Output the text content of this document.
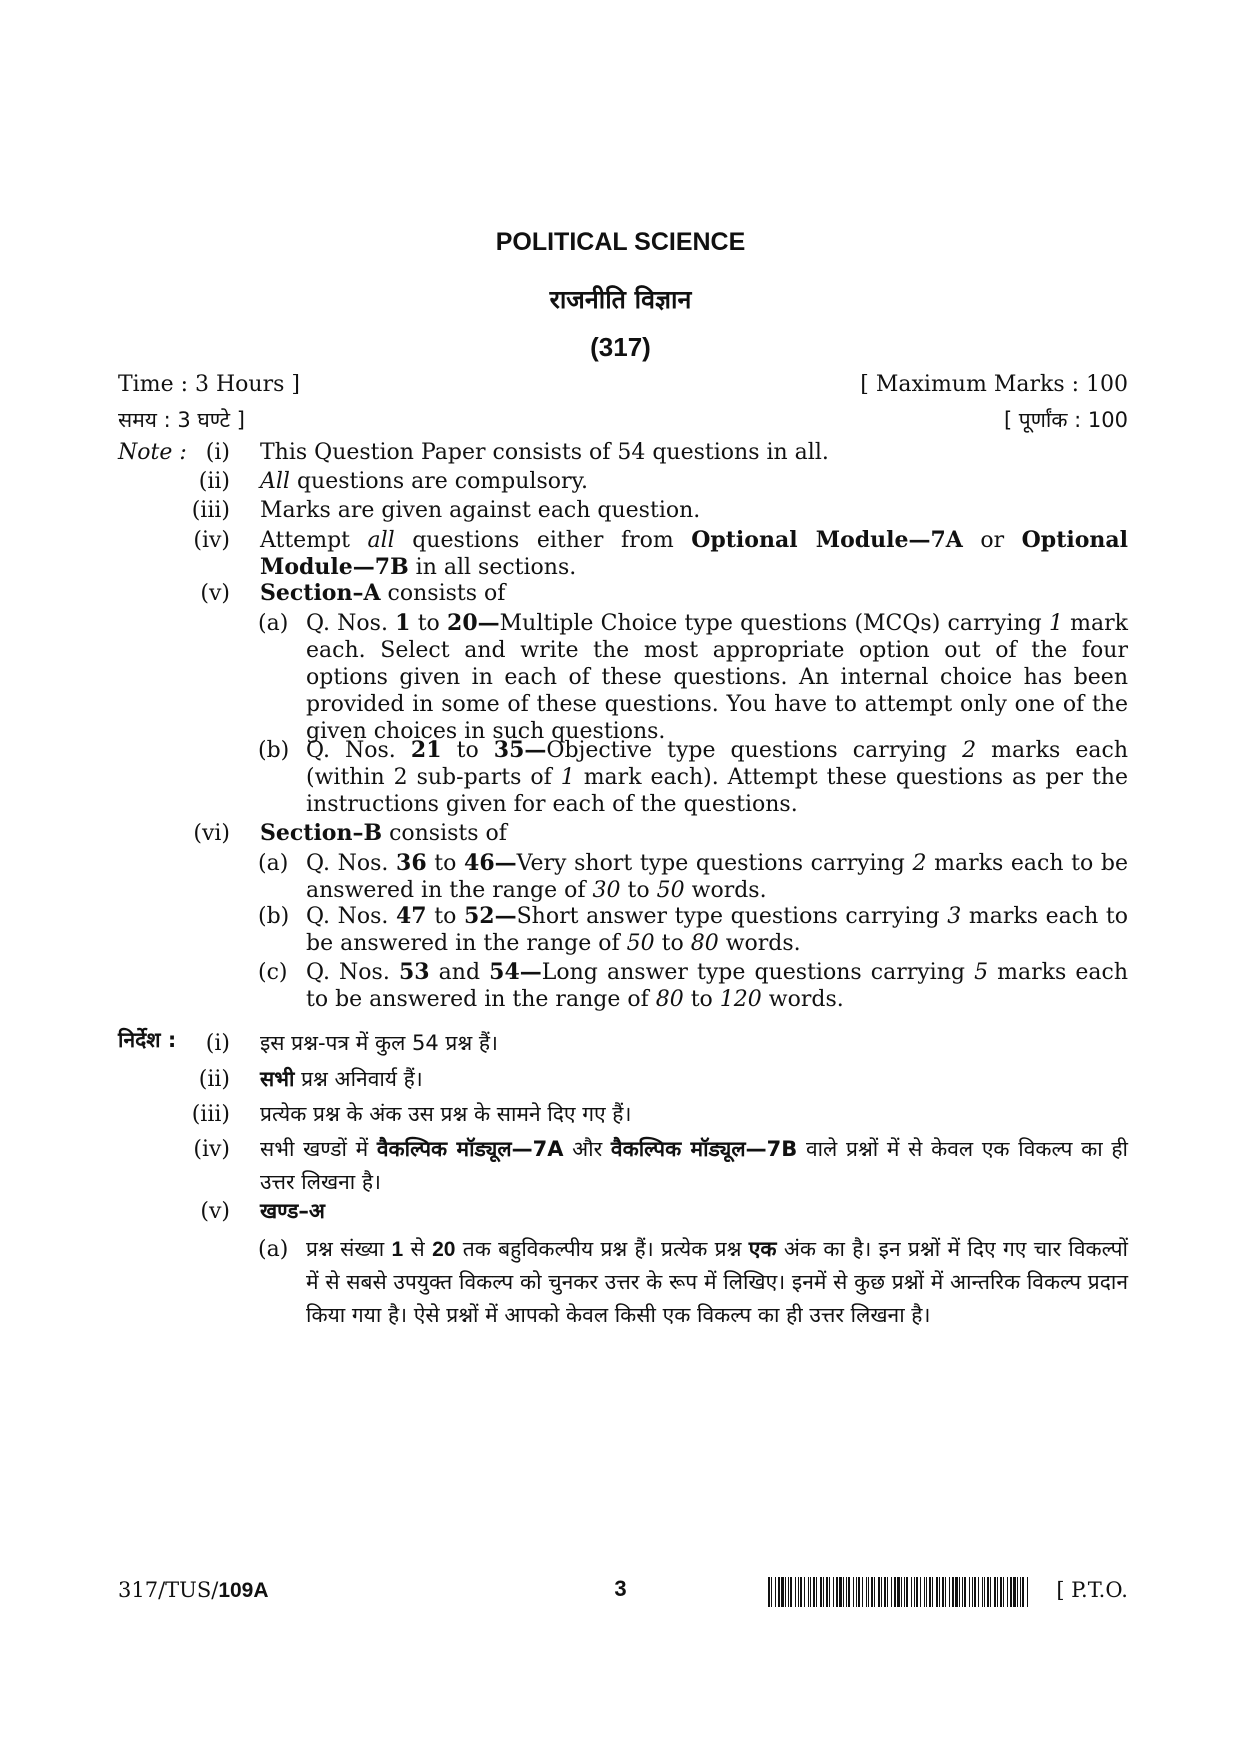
POLITICAL SCIENCE
राजनीति विज्ञान
(317)
Time : 3 Hours ]	[ Maximum Marks : 100
समय : 3 घण्टे ]	[ पूर्णांक : 100
Note : (i) This Question Paper consists of 54 questions in all.
(ii) All questions are compulsory.
(iii) Marks are given against each question.
(iv) Attempt all questions either from Optional Module—7A or Optional Module—7B in all sections.
(v) Section–A consists of
(a) Q. Nos. 1 to 20—Multiple Choice type questions (MCQs) carrying 1 mark each. Select and write the most appropriate option out of the four options given in each of these questions. An internal choice has been provided in some of these questions. You have to attempt only one of the given choices in such questions.
(b) Q. Nos. 21 to 35—Objective type questions carrying 2 marks each (within 2 sub-parts of 1 mark each). Attempt these questions as per the instructions given for each of the questions.
(vi) Section–B consists of
(a) Q. Nos. 36 to 46—Very short type questions carrying 2 marks each to be answered in the range of 30 to 50 words.
(b) Q. Nos. 47 to 52—Short answer type questions carrying 3 marks each to be answered in the range of 50 to 80 words.
(c) Q. Nos. 53 and 54—Long answer type questions carrying 5 marks each to be answered in the range of 80 to 120 words.
निर्देश :	(i) इस प्रश्न-पत्र में कुल 54 प्रश्न हैं।
(ii) सभी प्रश्न अनिवार्य हैं।
(iii) प्रत्येक प्रश्न के अंक उस प्रश्न के सामने दिए गए हैं।
(iv) सभी खण्डों में वैकल्पिक मॉड्यूल—7A और वैकल्पिक मॉड्यूल—7B वाले प्रश्नों में से केवल एक विकल्प का ही उत्तर लिखना है।
(v) खण्ड–अ
(a) प्रश्न संख्या 1 से 20 तक बहुविकल्पीय प्रश्न हैं। प्रत्येक प्रश्न एक अंक का है। इन प्रश्नों में दिए गए चार विकल्पों में से सबसे उपयुक्त विकल्प को चुनकर उत्तर के रूप में लिखिए। इनमें से कुछ प्रश्नों में आन्तरिक विकल्प प्रदान किया गया है। ऐसे प्रश्नों में आपको केवल किसी एक विकल्प का ही उत्तर लिखना है।
317/TUS/109A	3	[ P.T.O.
